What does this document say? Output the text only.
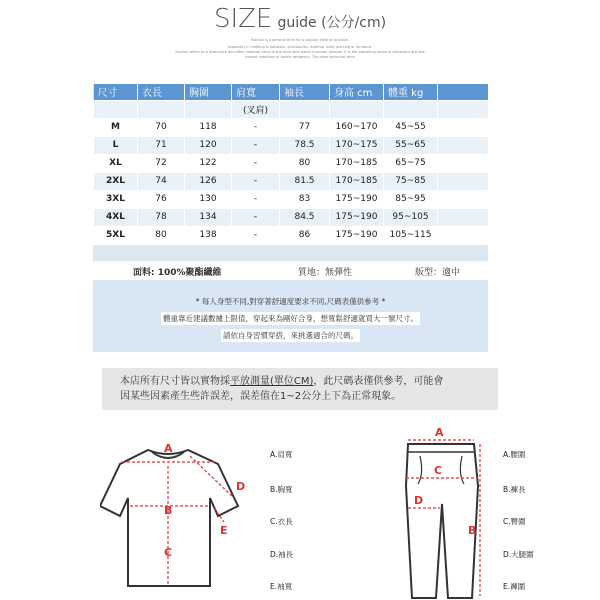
SIZE guide (公分/cm)
Fashion is a general term for a popular style or practice.
especially in clothing & footwear, accessories, makeup, body piercing or furniture.
Fashion refers to a distinctive and often habitual trend in the style with which a person dresses; it is the prevailing styles in behaviour and the
newest creations of textile designers. The more technical term
尺寸	衣長	胸圍	肩寬	袖長	身高 cm	體重 kg	
			(叉肩)				
M	70	118	-	77	160~170	45~55	
L	71	120	-	78.5	170~175	55~65	
XL	72	122	-	80	170~185	65~75	
2XL	74	126	-	81.5	170~185	75~85	
3XL	76	130	-	83	175~190	85~95	
4XL	78	134	-	84.5	175~190	95~105	
5XL	80	138	-	86	175~190	105~115	
面料: 100%聚酯纖維	質地：無彈性	版型：適中
* 每人身型不同,對穿著舒適度要求不同,尺碼表僅供參考 *
體重靠近建議數據上限值，穿起來為剛好合身，想寬鬆舒適就買大一號尺寸。
請依自身習慣穿搭，來挑選適合的尺碼。
本店所有尺寸皆以實物採平放測量(單位CM)，此尺碼表僅供參考，可能會
因某些因素產生些許誤差，誤差值在1~2公分上下為正常現象。
A
B
C
D
E
A.肩寬
B.胸寬
C.衣長
D.袖長
E.袖寬
A
C
D
B
A.腰圍
B.褲長
C.臀圍
D.大腿圍
E.褲圍
